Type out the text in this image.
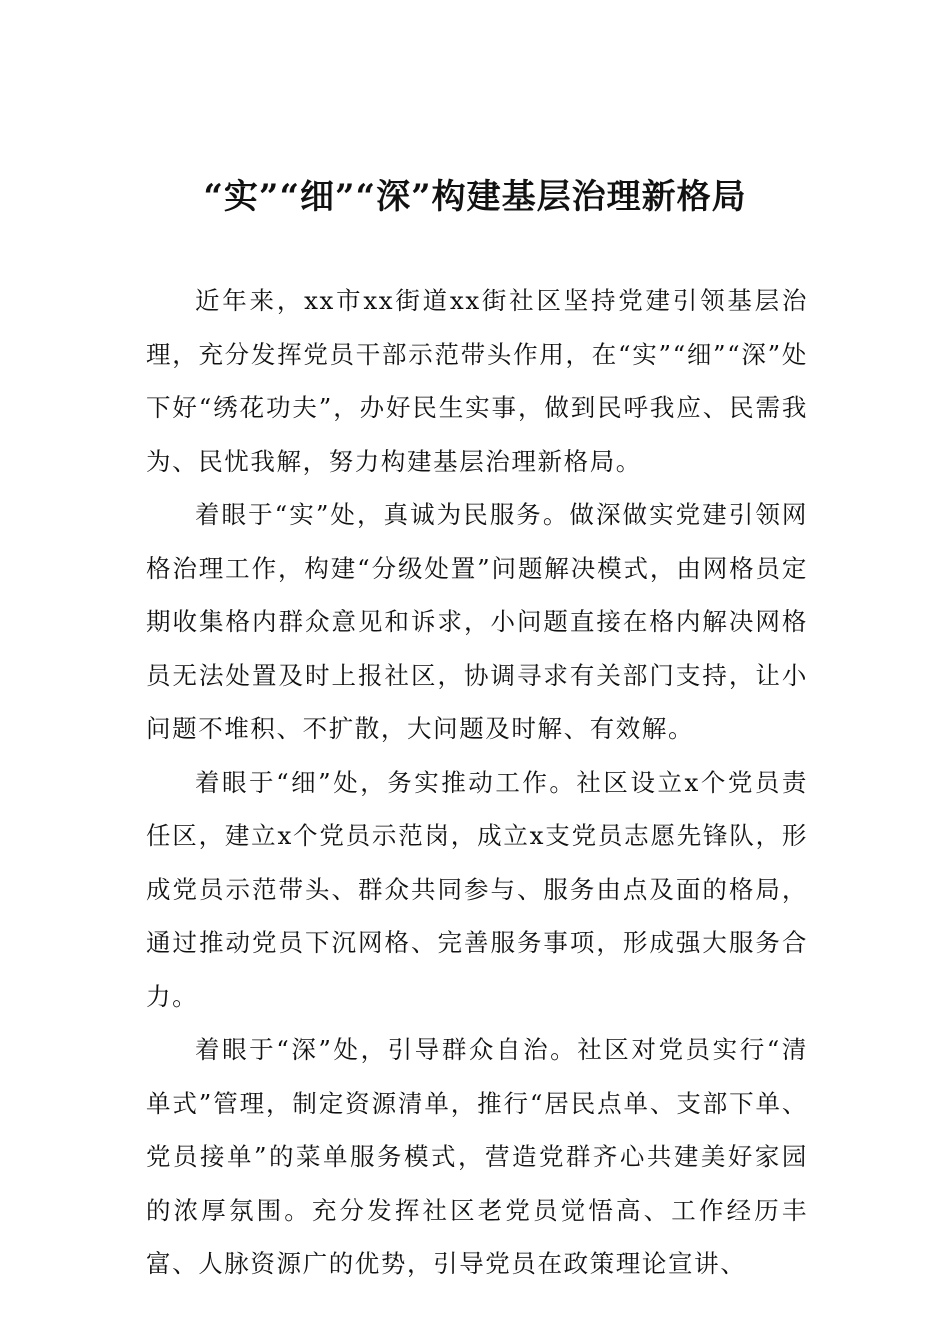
“实”“细”“深”构建基层治理新格局

近年来，xx市xx街道xx街社区坚持党建引领基层治理，充分发挥党员干部示范带头作用，在“实”“细”“深”处下好“绣花功夫”，办好民生实事，做到民呼我应、民需我为、民忧我解，努力构建基层治理新格局。

着眼于“实”处，真诚为民服务。做深做实党建引领网格治理工作，构建“分级处置”问题解决模式，由网格员定期收集格内群众意见和诉求，小问题直接在格内解决网格员无法处置及时上报社区，协调寻求有关部门支持，让小问题不堆积、不扩散，大问题及时解、有效解。

着眼于“细”处，务实推动工作。社区设立x个党员责任区，建立x个党员示范岗，成立x支党员志愿先锋队，形成党员示范带头、群众共同参与、服务由点及面的格局，通过推动党员下沉网格、完善服务事项，形成强大服务合力。

着眼于“深”处，引导群众自治。社区对党员实行“清单式”管理，制定资源清单，推行“居民点单、支部下单、党员接单”的菜单服务模式，营造党群齐心共建美好家园的浓厚氛围。充分发挥社区老党员觉悟高、工作经历丰富、人脉资源广的优势，引导党员在政策理论宣讲、
